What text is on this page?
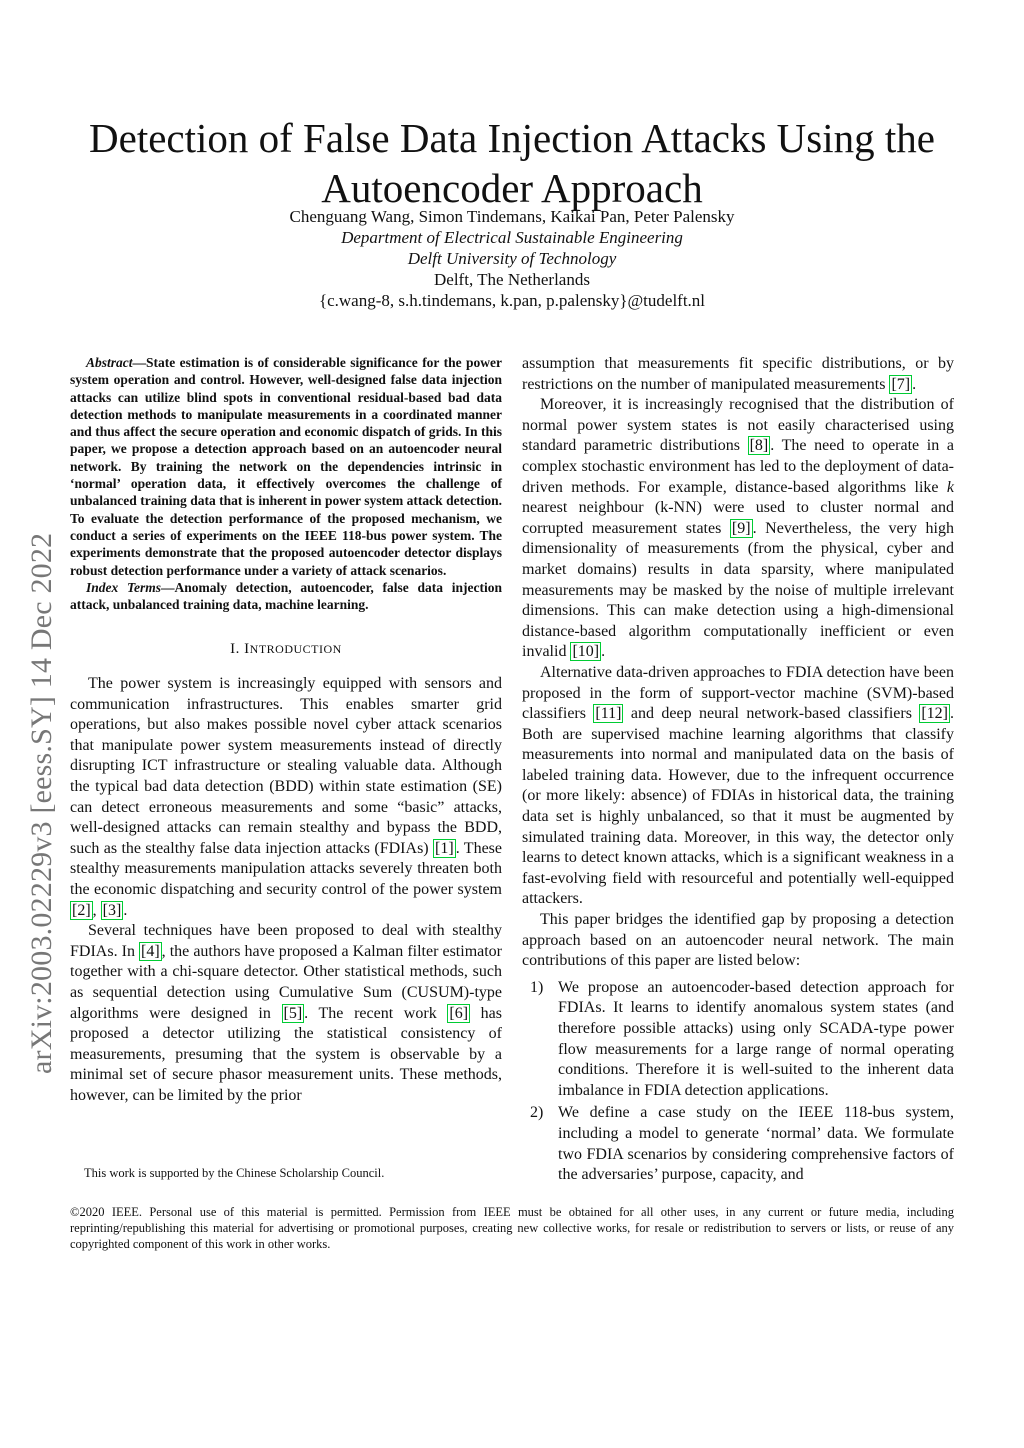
Detection of False Data Injection Attacks Using the
Autoencoder Approach
Chenguang Wang, Simon Tindemans, Kaikai Pan, Peter Palensky
Department of Electrical Sustainable Engineering
Delft University of Technology
Delft, The Netherlands
{c.wang-8, s.h.tindemans, k.pan, p.palensky}@tudelft.nl
arXiv:2003.02229v3 [eess.SY] 14 Dec 2022

Abstract—State estimation is of considerable significance for the power system operation and control. However, well-designed false data injection attacks can utilize blind spots in conventional residual-based bad data detection methods to manipulate measurements in a coordinated manner and thus affect the secure operation and economic dispatch of grids. In this paper, we propose a detection approach based on an autoencoder neural network. By training the network on the dependencies intrinsic in ‘normal’ operation data, it effectively overcomes the challenge of unbalanced training data that is inherent in power system attack detection. To evaluate the detection performance of the proposed mechanism, we conduct a series of experiments on the IEEE 118-bus power system. The experiments demonstrate that the proposed autoencoder detector displays robust detection performance under a variety of attack scenarios.

Index Terms—Anomaly detection, autoencoder, false data injection attack, unbalanced training data, machine learning.

I. INTRODUCTION

The power system is increasingly equipped with sensors and communication infrastructures. This enables smarter grid operations, but also makes possible novel cyber attack scenarios that manipulate power system measurements instead of directly disrupting ICT infrastructure or stealing valuable data. Although the typical bad data detection (BDD) within state estimation (SE) can detect erroneous measurements and some “basic” attacks, well-designed attacks can remain stealthy and bypass the BDD, such as the stealthy false data injection attacks (FDIAs) [1] . These stealthy measurements manipulation attacks severely threaten both the economic dispatching and security control of the power system [2] , [3] .

Several techniques have been proposed to deal with stealthy FDIAs. In [4] , the authors have proposed a Kalman filter estimator together with a chi-square detector. Other statistical methods, such as sequential detection using Cumulative Sum (CUSUM)-type algorithms were designed in [5] . The recent work [6] has proposed a detector utilizing the statistical consistency of measurements, presuming that the system is observable by a minimal set of secure phasor measurement units. These methods, however, can be limited by the prior

This work is supported by the Chinese Scholarship Council.

assumption that measurements fit specific distributions, or by restrictions on the number of manipulated measurements [7] .

Moreover, it is increasingly recognised that the distribution of normal power system states is not easily characterised using standard parametric distributions [8] . The need to operate in a complex stochastic environment has led to the deployment of data-driven methods. For example, distance-based algorithms like k nearest neighbour (k-NN) were used to cluster normal and corrupted measurement states [9] . Nevertheless, the very high dimensionality of measurements (from the physical, cyber and market domains) results in data sparsity, where manipulated measurements may be masked by the noise of multiple irrelevant dimensions. This can make detection using a high-dimensional distance-based algorithm computationally inefficient or even invalid [10] .

Alternative data-driven approaches to FDIA detection have been proposed in the form of support-vector machine (SVM)-based classifiers [11] and deep neural network-based classifiers [12] . Both are supervised machine learning algorithms that classify measurements into normal and manipulated data on the basis of labeled training data. However, due to the infrequent occurrence (or more likely: absence) of FDIAs in historical data, the training data set is highly unbalanced, so that it must be augmented by simulated training data. Moreover, in this way, the detector only learns to detect known attacks, which is a significant weakness in a fast-evolving field with resourceful and potentially well-equipped attackers.

This paper bridges the identified gap by proposing a detection approach based on an autoencoder neural network. The main contributions of this paper are listed below:

1) We propose an autoencoder-based detection approach for FDIAs. It learns to identify anomalous system states (and therefore possible attacks) using only SCADA-type power flow measurements for a large range of normal operating conditions. Therefore it is well-suited to the inherent data imbalance in FDIA detection applications.
2) We define a case study on the IEEE 118-bus system, including a model to generate ‘normal’ data. We formulate two FDIA scenarios by considering comprehensive factors of the adversaries’ purpose, capacity, and
©2020 IEEE. Personal use of this material is permitted. Permission from IEEE must be obtained for all other uses, in any current or future media, including reprinting/republishing this material for advertising or promotional purposes, creating new collective works, for resale or redistribution to servers or lists, or reuse of any copyrighted component of this work in other works.
